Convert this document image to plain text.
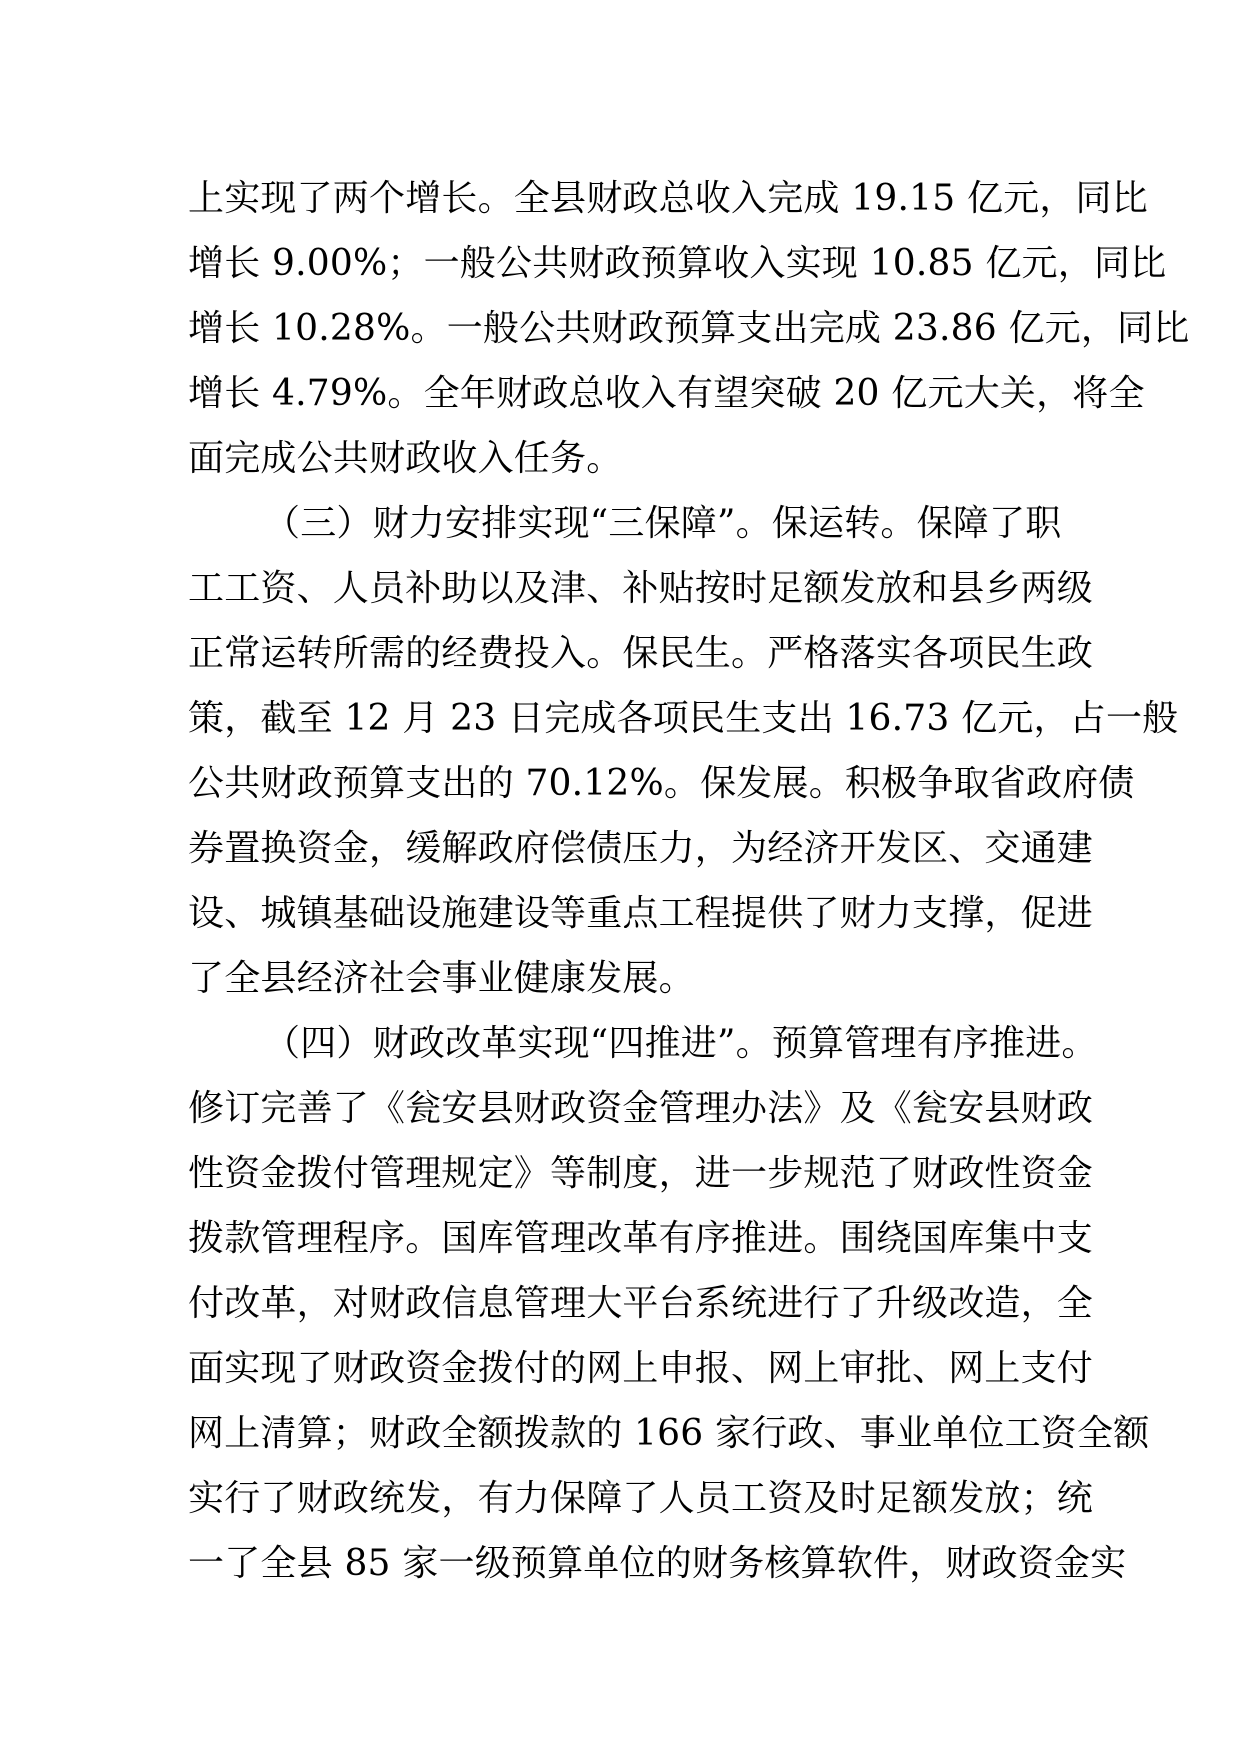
上实现了两个增长。全县财政总收入完成 19.15 亿元，同比
增长 9.00%；一般公共财政预算收入实现 10.85 亿元，同比
增长 10.28%。一般公共财政预算支出完成 23.86 亿元，同比
增长 4.79%。全年财政总收入有望突破 20 亿元大关，将全
面完成公共财政收入任务。
（三）财力安排实现“三保障”。保运转。保障了职
工工资、人员补助以及津、补贴按时足额发放和县乡两级
正常运转所需的经费投入。保民生。严格落实各项民生政
策，截至 12 月 23 日完成各项民生支出 16.73 亿元，占一般
公共财政预算支出的 70.12%。保发展。积极争取省政府债
券置换资金，缓解政府偿债压力，为经济开发区、交通建
设、城镇基础设施建设等重点工程提供了财力支撑，促进
了全县经济社会事业健康发展。
（四）财政改革实现“四推进”。预算管理有序推进。
修订完善了《瓮安县财政资金管理办法》及《瓮安县财政
性资金拨付管理规定》等制度，进一步规范了财政性资金
拨款管理程序。国库管理改革有序推进。围绕国库集中支
付改革，对财政信息管理大平台系统进行了升级改造，全
面实现了财政资金拨付的网上申报、网上审批、网上支付
网上清算；财政全额拨款的 166 家行政、事业单位工资全额
实行了财政统发，有力保障了人员工资及时足额发放；统
一了全县 85 家一级预算单位的财务核算软件，财政资金实
